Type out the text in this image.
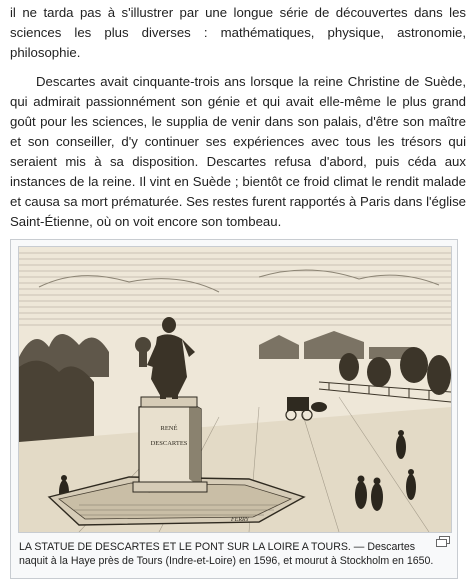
il ne tarda pas à s'illustrer par une longue série de découvertes dans les sciences les plus diverses : mathématiques, physique, astronomie, philosophie.

Descartes avait cinquante-trois ans lorsque la reine Christine de Suède, qui admirait passionnément son génie et qui avait elle-même le plus grand goût pour les sciences, le supplia de venir dans son palais, d'être son maître et son conseiller, d'y continuer ses expériences avec tous les trésors qui seraient mis à sa disposition. Descartes refusa d'abord, puis céda aux instances de la reine. Il vint en Suède ; bientôt ce froid climat le rendit malade et causa sa mort prématurée. Ses restes furent rapportés à Paris dans l'église Saint-Étienne, où on voit encore son tombeau.

RENÉ
DESCARTES
FERRY
LA STATUE DE DESCARTES ET LE PONT SUR LA LOIRE A TOURS. — Descartes naquit à la Haye près de Tours (Indre-et-Loire) en 1596, et mourut à Stockholm en 1650.
